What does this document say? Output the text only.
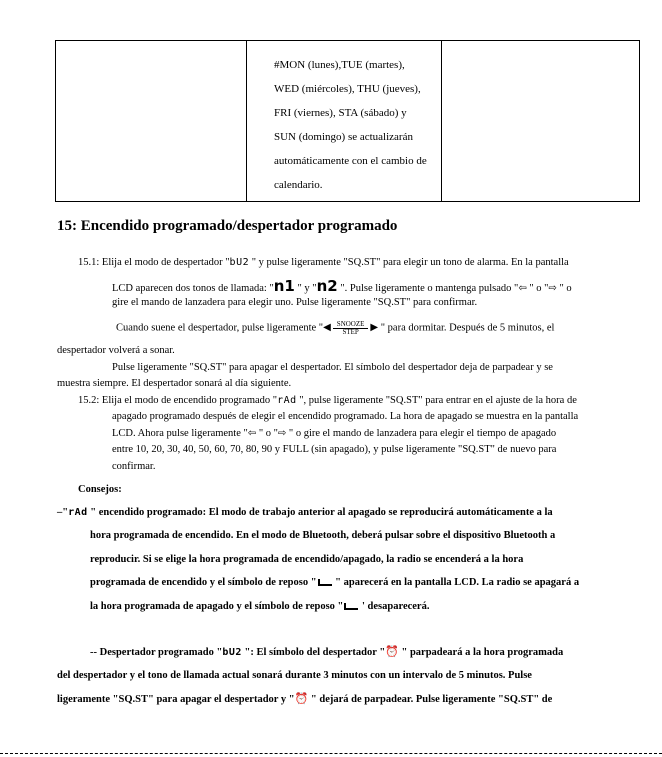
#MON (lunes),TUE (martes),
WED (miércoles), THU (jueves),
FRI (viernes), STA (sábado) y
SUN (domingo) se actualizarán
automáticamente con el cambio de
calendario.
15: Encendido programado/despertador programado
15.1: Elija el modo de despertador "bU2 " y pulse ligeramente "SQ.ST" para elegir un tono de alarma. En la pantalla
LCD aparecen dos tonos de llamada: "n1 " y "n2 ". Pulse ligeramente o mantenga pulsado "⇦ " o "⇨ " o
gire el mando de lanzadera para elegir uno. Pulse ligeramente "SQ.ST" para confirmar.
Cuando suene el despertador, pulse ligeramente "◀ SNOOZE
STEP ▶ " para dormitar. Después de 5 minutos, el
despertador volverá a sonar.
Pulse ligeramente "SQ.ST" para apagar el despertador. El símbolo del despertador deja de parpadear y se
muestra siempre. El despertador sonará al día siguiente.
15.2: Elija el modo de encendido programado "rAd ", pulse ligeramente "SQ.ST" para entrar en el ajuste de la hora de
apagado programado después de elegir el encendido programado. La hora de apagado se muestra en la pantalla
LCD. Ahora pulse ligeramente "⇦ " o "⇨ " o gire el mando de lanzadera para elegir el tiempo de apagado
entre 10, 20, 30, 40, 50, 60, 70, 80, 90 y FULL (sin apagado), y pulse ligeramente "SQ.ST" de nuevo para
confirmar.
Consejos:
–"rAd " encendido programado: El modo de trabajo anterior al apagado se reproducirá automáticamente a la
hora programada de encendido. En el modo de Bluetooth, deberá pulsar sobre el dispositivo Bluetooth a
reproducir. Si se elige la hora programada de encendido/apagado, la radio se encenderá a la hora
programada de encendido y el símbolo de reposo " " aparecerá en la pantalla LCD. La radio se apagará a
la hora programada de apagado y el símbolo de reposo " ' desaparecerá.
-- Despertador programado "bU2 ": El símbolo del despertador "⏰ " parpadeará a la hora programada
del despertador y el tono de llamada actual sonará durante 3 minutos con un intervalo de 5 minutos. Pulse
ligeramente "SQ.ST" para apagar el despertador y "⏰ " dejará de parpadear. Pulse ligeramente "SQ.ST" de
